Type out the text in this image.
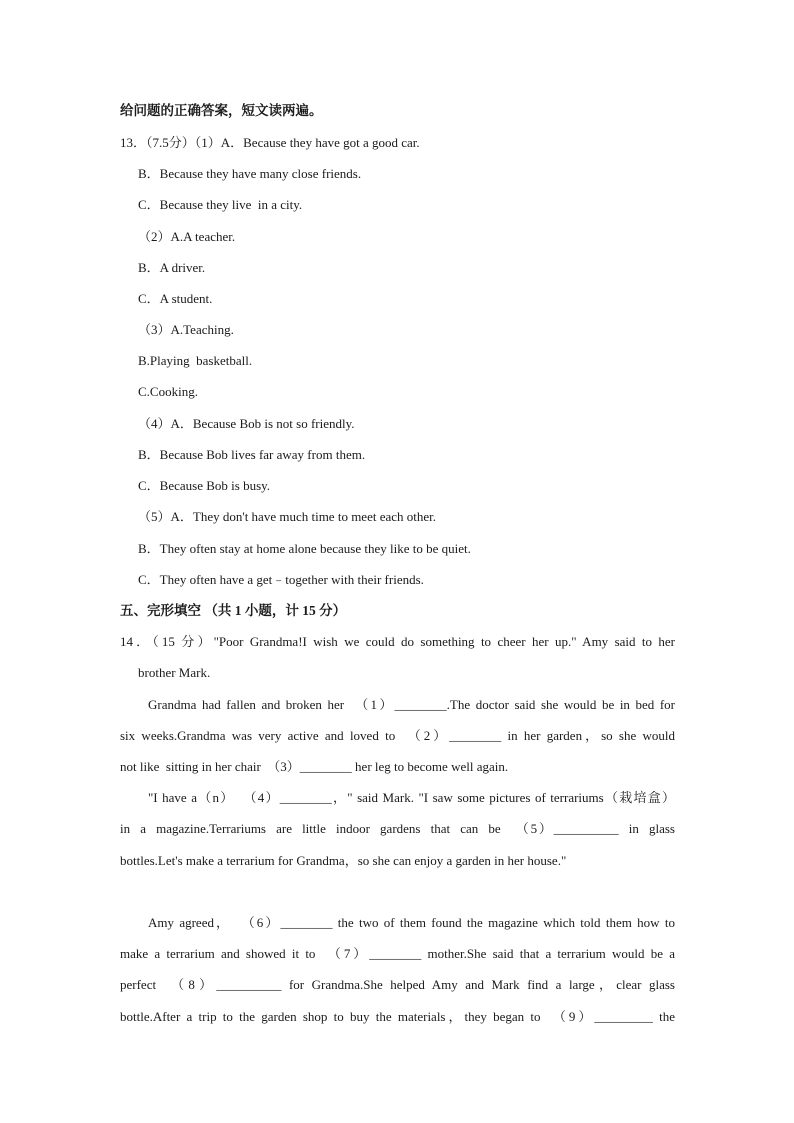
给问题的正确答案，短文读两遍。
13．（7.5分）（1）A．Because they have got a good car.
B．Because they have many close friends.
C．Because they live  in a city.
（2）A.A teacher.
B．A driver.
C．A student.
（3）A.Teaching.
B.Playing  basketball.
C.Cooking.
（4）A．Because Bob is not so friendly.
B．Because Bob lives far away from them.
C．Because Bob is busy.
（5）A．They don't have much time to meet each other.
B．They often stay at home alone because they like to be quiet.
C．They often have a get﹣together with their friends.
五、完形填空 （共 1 小题，计 15 分）
14．（15 分）"Poor Grandma!I wish we could do something to cheer her up." Amy said to her
brother Mark.
Grandma had fallen and broken her  （1）________.The doctor said she would be in bed for
six weeks.Grandma was very active and loved to  （2）________ in her garden，so she would
not like  sitting in her chair  （3）________ her leg to become well again.
"I have a（n）  （4）________，" said Mark. "I saw some pictures of terrariums（栽培盒）
in  a  magazine.Terrariums  are  little  indoor  gardens  that  can  be   （5）__________  in  glass
bottles.Let's make a terrarium for Grandma，so she can enjoy a garden in her house."
Amy agreed，  （6）________ the two of them found the magazine which told them how to
make a terrarium and showed it to  （7）________ mother.She said that a terrarium would be a
perfect  （8）__________ for Grandma.She helped Amy and Mark find a large，clear glass
bottle.After a trip to the garden shop to buy the materials，they began to  （9）_________ the
